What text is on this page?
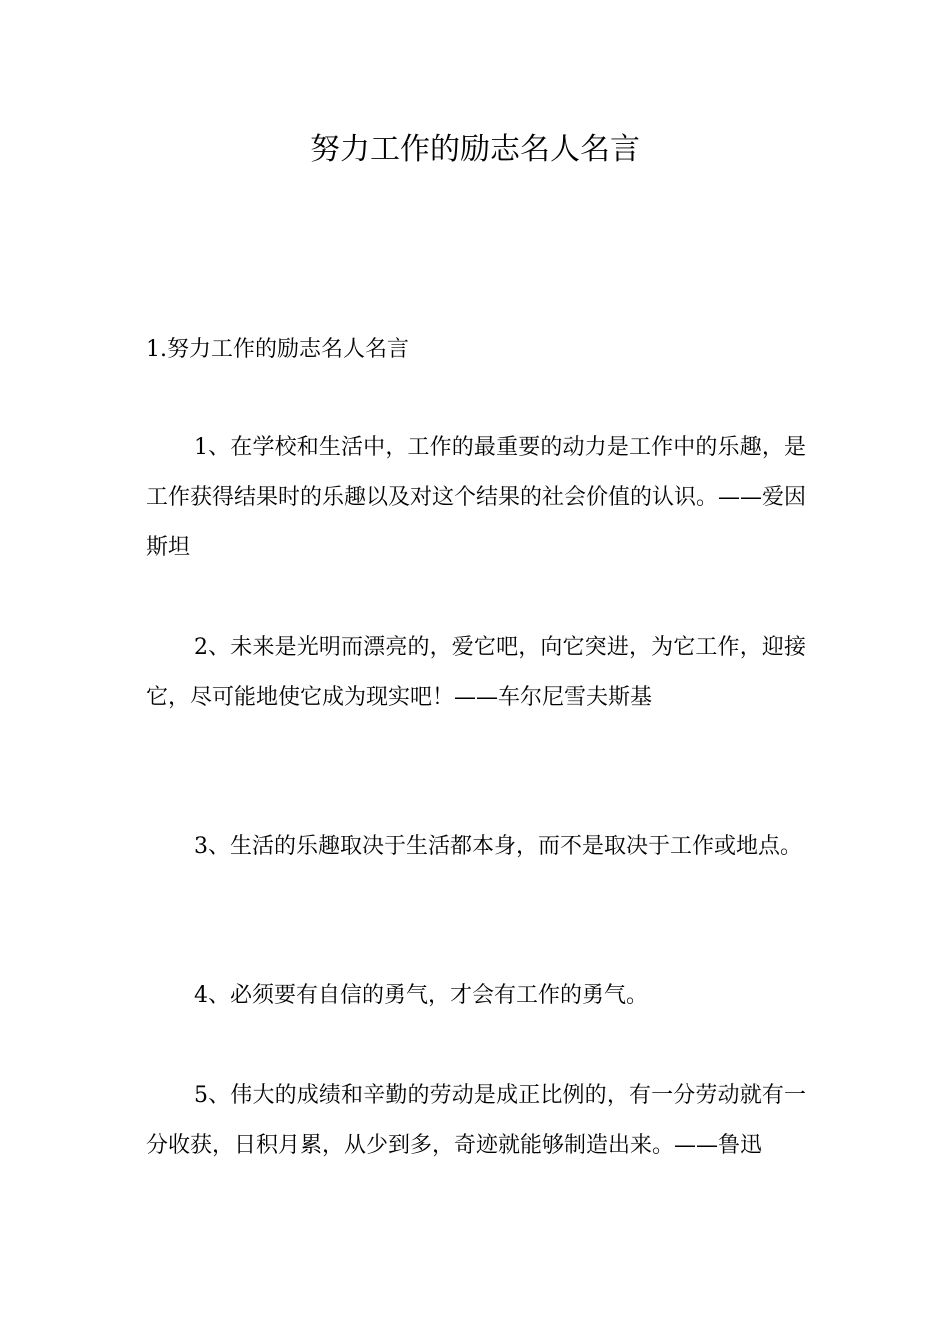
努力工作的励志名人名言

1.努力工作的励志名人名言

1、在学校和生活中，工作的最重要的动力是工作中的乐趣，是工作获得结果时的乐趣以及对这个结果的社会价值的认识。——爱因斯坦

2、未来是光明而漂亮的，爱它吧，向它突进，为它工作，迎接它，尽可能地使它成为现实吧！——车尔尼雪夫斯基

3、生活的乐趣取决于生活都本身，而不是取决于工作或地点。

4、必须要有自信的勇气，才会有工作的勇气。

5、伟大的成绩和辛勤的劳动是成正比例的，有一分劳动就有一分收获，日积月累，从少到多，奇迹就能够制造出来。——鲁迅
